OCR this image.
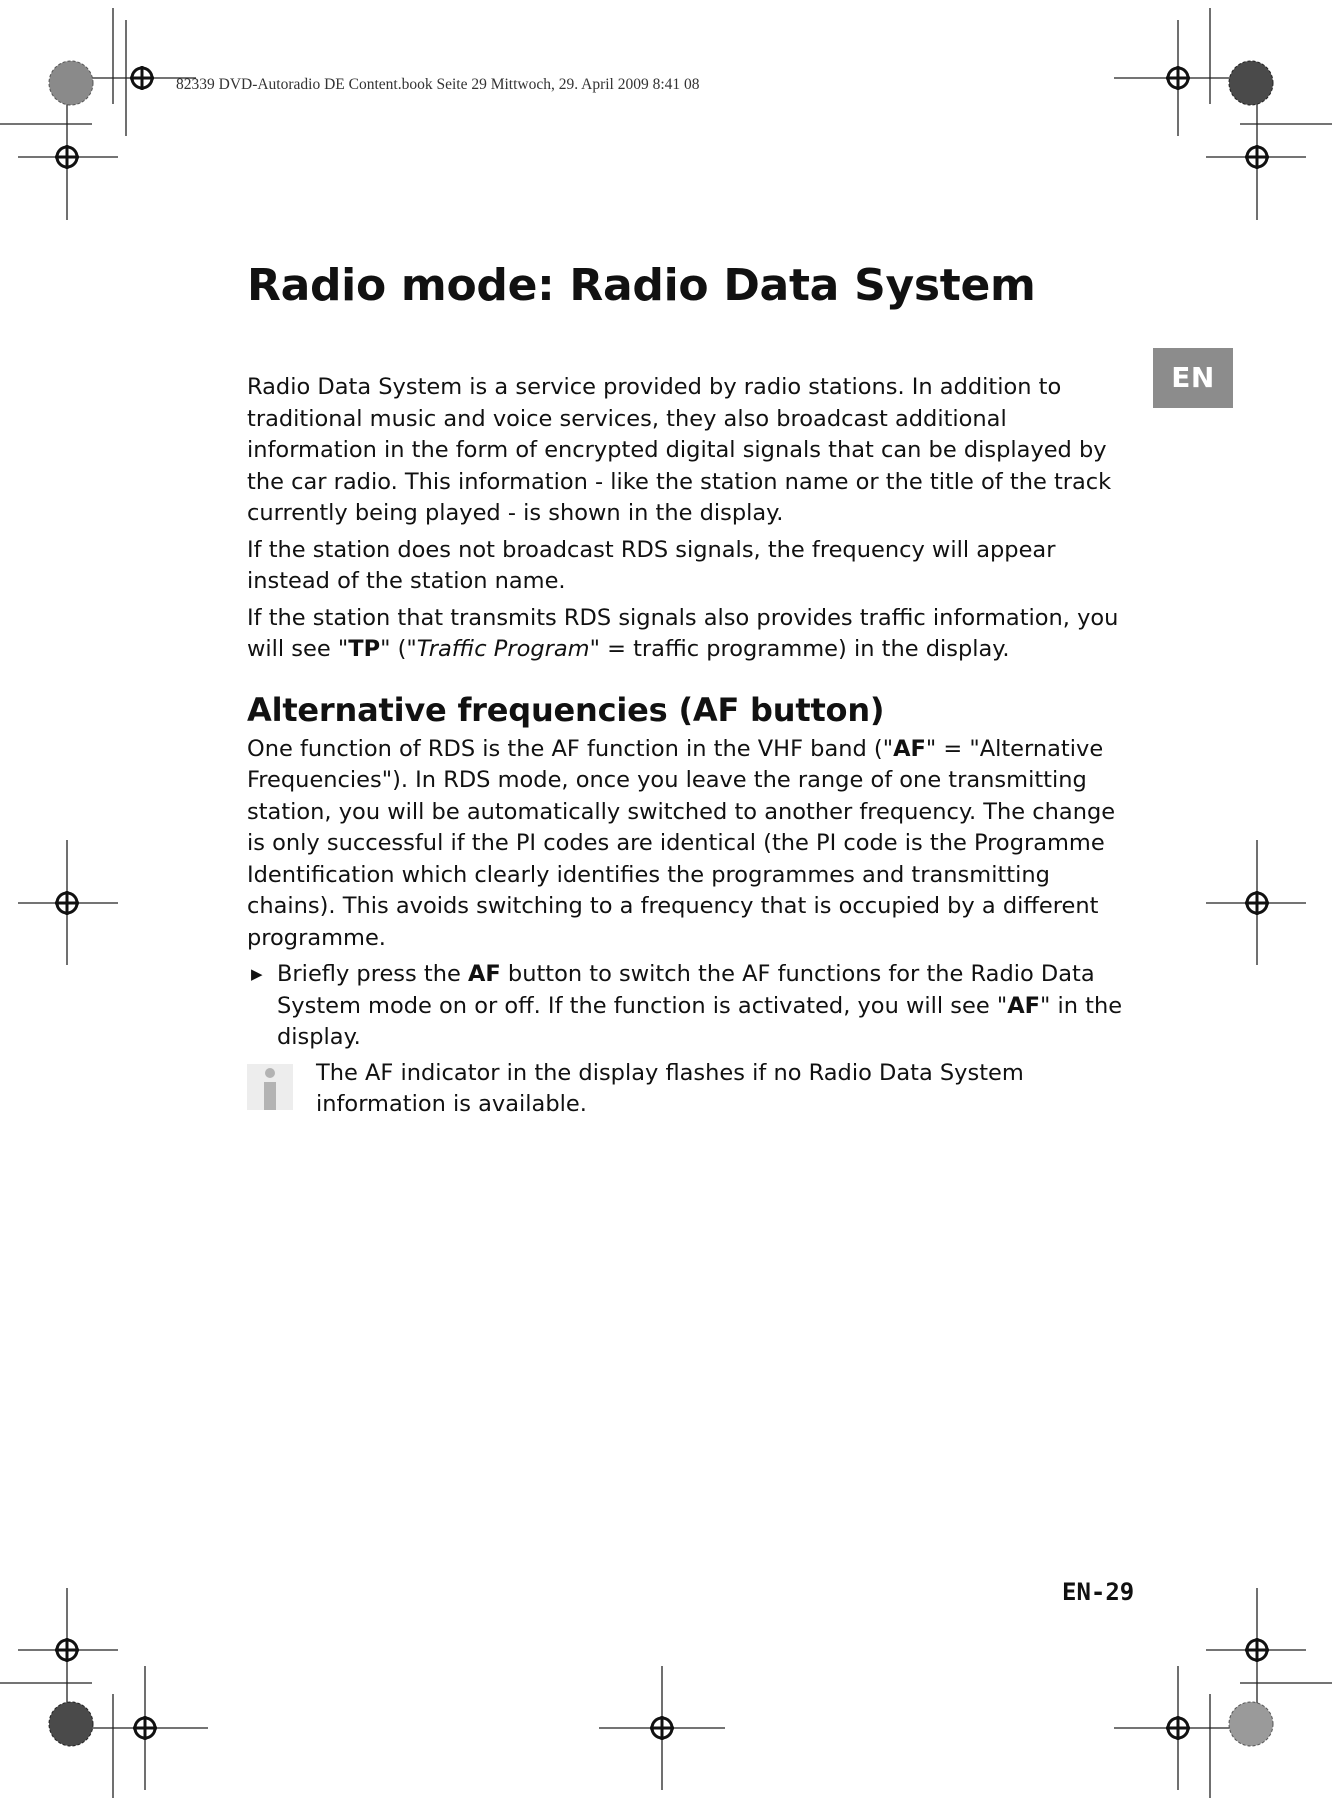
82339 DVD-Autoradio DE Content.book Seite 29 Mittwoch, 29. April 2009 8:41 08
EN
Radio mode: Radio Data System

Radio Data System is a service provided by radio stations. In addition to traditional music and voice services, they also broadcast additional information in the form of encrypted digital signals that can be displayed by the car radio. This information - like the station name or the title of the track currently being played - is shown in the display.

If the station does not broadcast RDS signals, the frequency will appear instead of the station name.

If the station that transmits RDS signals also provides traffic information, you will see "TP" ("Traffic Program" = traffic programme) in the display.

Alternative frequencies (AF button)

One function of RDS is the AF function in the VHF band ("AF" = "Alternative Frequencies"). In RDS mode, once you leave the range of one transmitting station, you will be automatically switched to another frequency. The change is only successful if the PI codes are identical (the PI code is the Programme Identification which clearly identifies the programmes and transmitting chains). This avoids switching to a frequency that is occupied by a different programme.

▶ Briefly press the AF button to switch the AF functions for the Radio Data System mode on or off. If the function is activated, you will see "AF" in the display.
The AF indicator in the display flashes if no Radio Data System information is available.
EN-29
